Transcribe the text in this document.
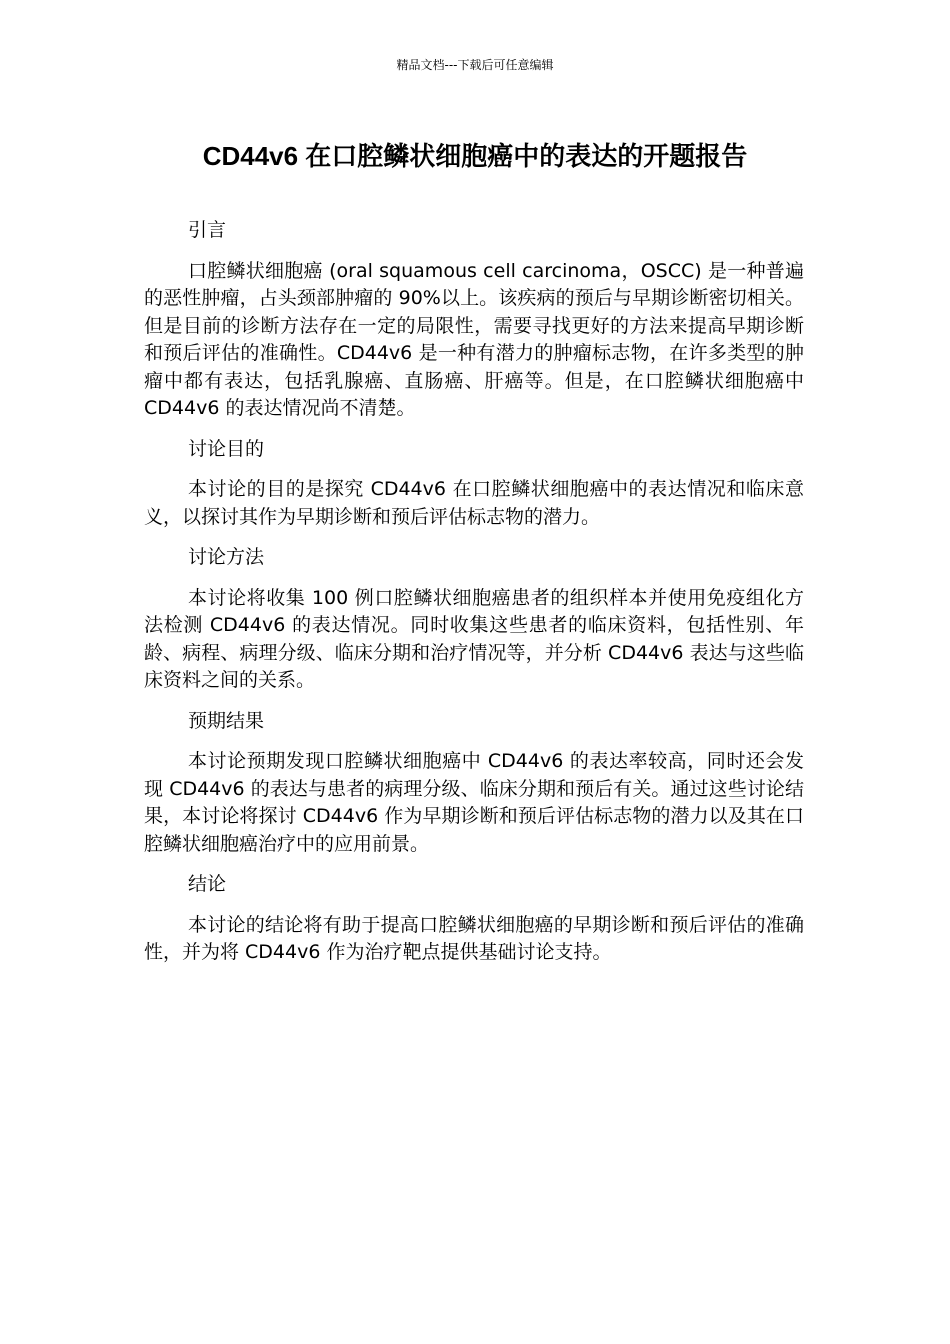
精品文档---下载后可任意编辑
CD44v6 在口腔鳞状细胞癌中的表达的开题报告

引言

口腔鳞状细胞癌 (oral squamous cell carcinoma，OSCC) 是一种普遍的恶性肿瘤，占头颈部肿瘤的 90%以上。该疾病的预后与早期诊断密切相关。但是目前的诊断方法存在一定的局限性，需要寻找更好的方法来提高早期诊断和预后评估的准确性。CD44v6 是一种有潜力的肿瘤标志物，在许多类型的肿瘤中都有表达，包括乳腺癌、直肠癌、肝癌等。但是，在口腔鳞状细胞癌中 CD44v6 的表达情况尚不清楚。

讨论目的

本讨论的目的是探究 CD44v6 在口腔鳞状细胞癌中的表达情况和临床意义，以探讨其作为早期诊断和预后评估标志物的潜力。

讨论方法

本讨论将收集 100 例口腔鳞状细胞癌患者的组织样本并使用免疫组化方法检测 CD44v6 的表达情况。同时收集这些患者的临床资料，包括性别、年龄、病程、病理分级、临床分期和治疗情况等，并分析 CD44v6 表达与这些临床资料之间的关系。

预期结果

本讨论预期发现口腔鳞状细胞癌中 CD44v6 的表达率较高，同时还会发现 CD44v6 的表达与患者的病理分级、临床分期和预后有关。通过这些讨论结果，本讨论将探讨 CD44v6 作为早期诊断和预后评估标志物的潜力以及其在口腔鳞状细胞癌治疗中的应用前景。

结论

本讨论的结论将有助于提高口腔鳞状细胞癌的早期诊断和预后评估的准确性，并为将 CD44v6 作为治疗靶点提供基础讨论支持。
